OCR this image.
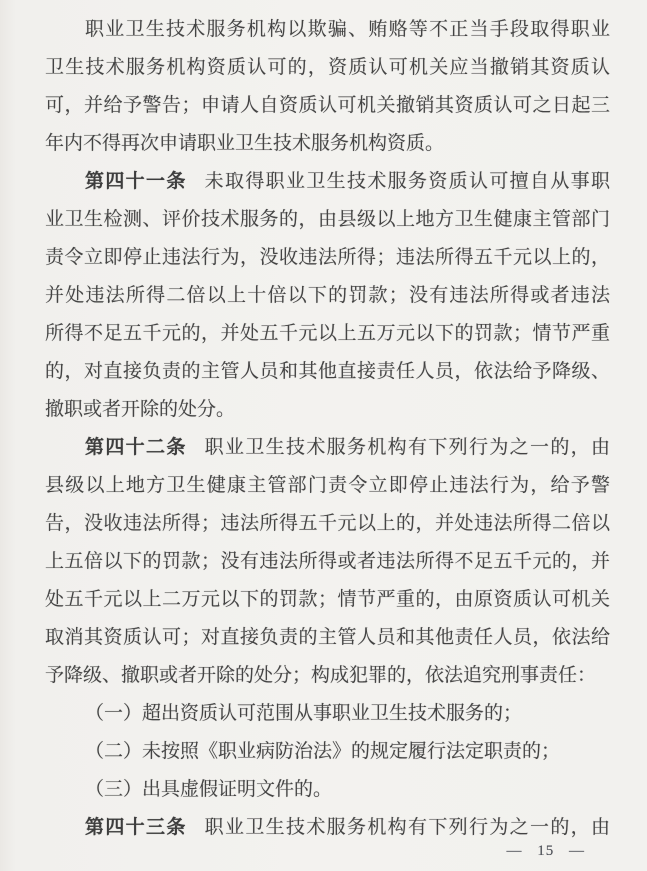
职业卫生技术服务机构以欺骗、贿赂等不正当手段取得职业
卫生技术服务机构资质认可的，资质认可机关应当撤销其资质认
可，并给予警告；申请人自资质认可机关撤销其资质认可之日起三
年内不得再次申请职业卫生技术服务机构资质。
第四十一条 未取得职业卫生技术服务资质认可擅自从事职
业卫生检测、评价技术服务的，由县级以上地方卫生健康主管部门
责令立即停止违法行为，没收违法所得；违法所得五千元以上的，
并处违法所得二倍以上十倍以下的罚款；没有违法所得或者违法
所得不足五千元的，并处五千元以上五万元以下的罚款；情节严重
的，对直接负责的主管人员和其他直接责任人员，依法给予降级、
撤职或者开除的处分。
第四十二条 职业卫生技术服务机构有下列行为之一的，由
县级以上地方卫生健康主管部门责令立即停止违法行为，给予警
告，没收违法所得；违法所得五千元以上的，并处违法所得二倍以
上五倍以下的罚款；没有违法所得或者违法所得不足五千元的，并
处五千元以上二万元以下的罚款；情节严重的，由原资质认可机关
取消其资质认可；对直接负责的主管人员和其他责任人员，依法给
予降级、撤职或者开除的处分；构成犯罪的，依法追究刑事责任：
（一）超出资质认可范围从事职业卫生技术服务的；
（二）未按照《职业病防治法》的规定履行法定职责的；
（三）出具虚假证明文件的。
第四十三条 职业卫生技术服务机构有下列行为之一的，由
— 15 —
